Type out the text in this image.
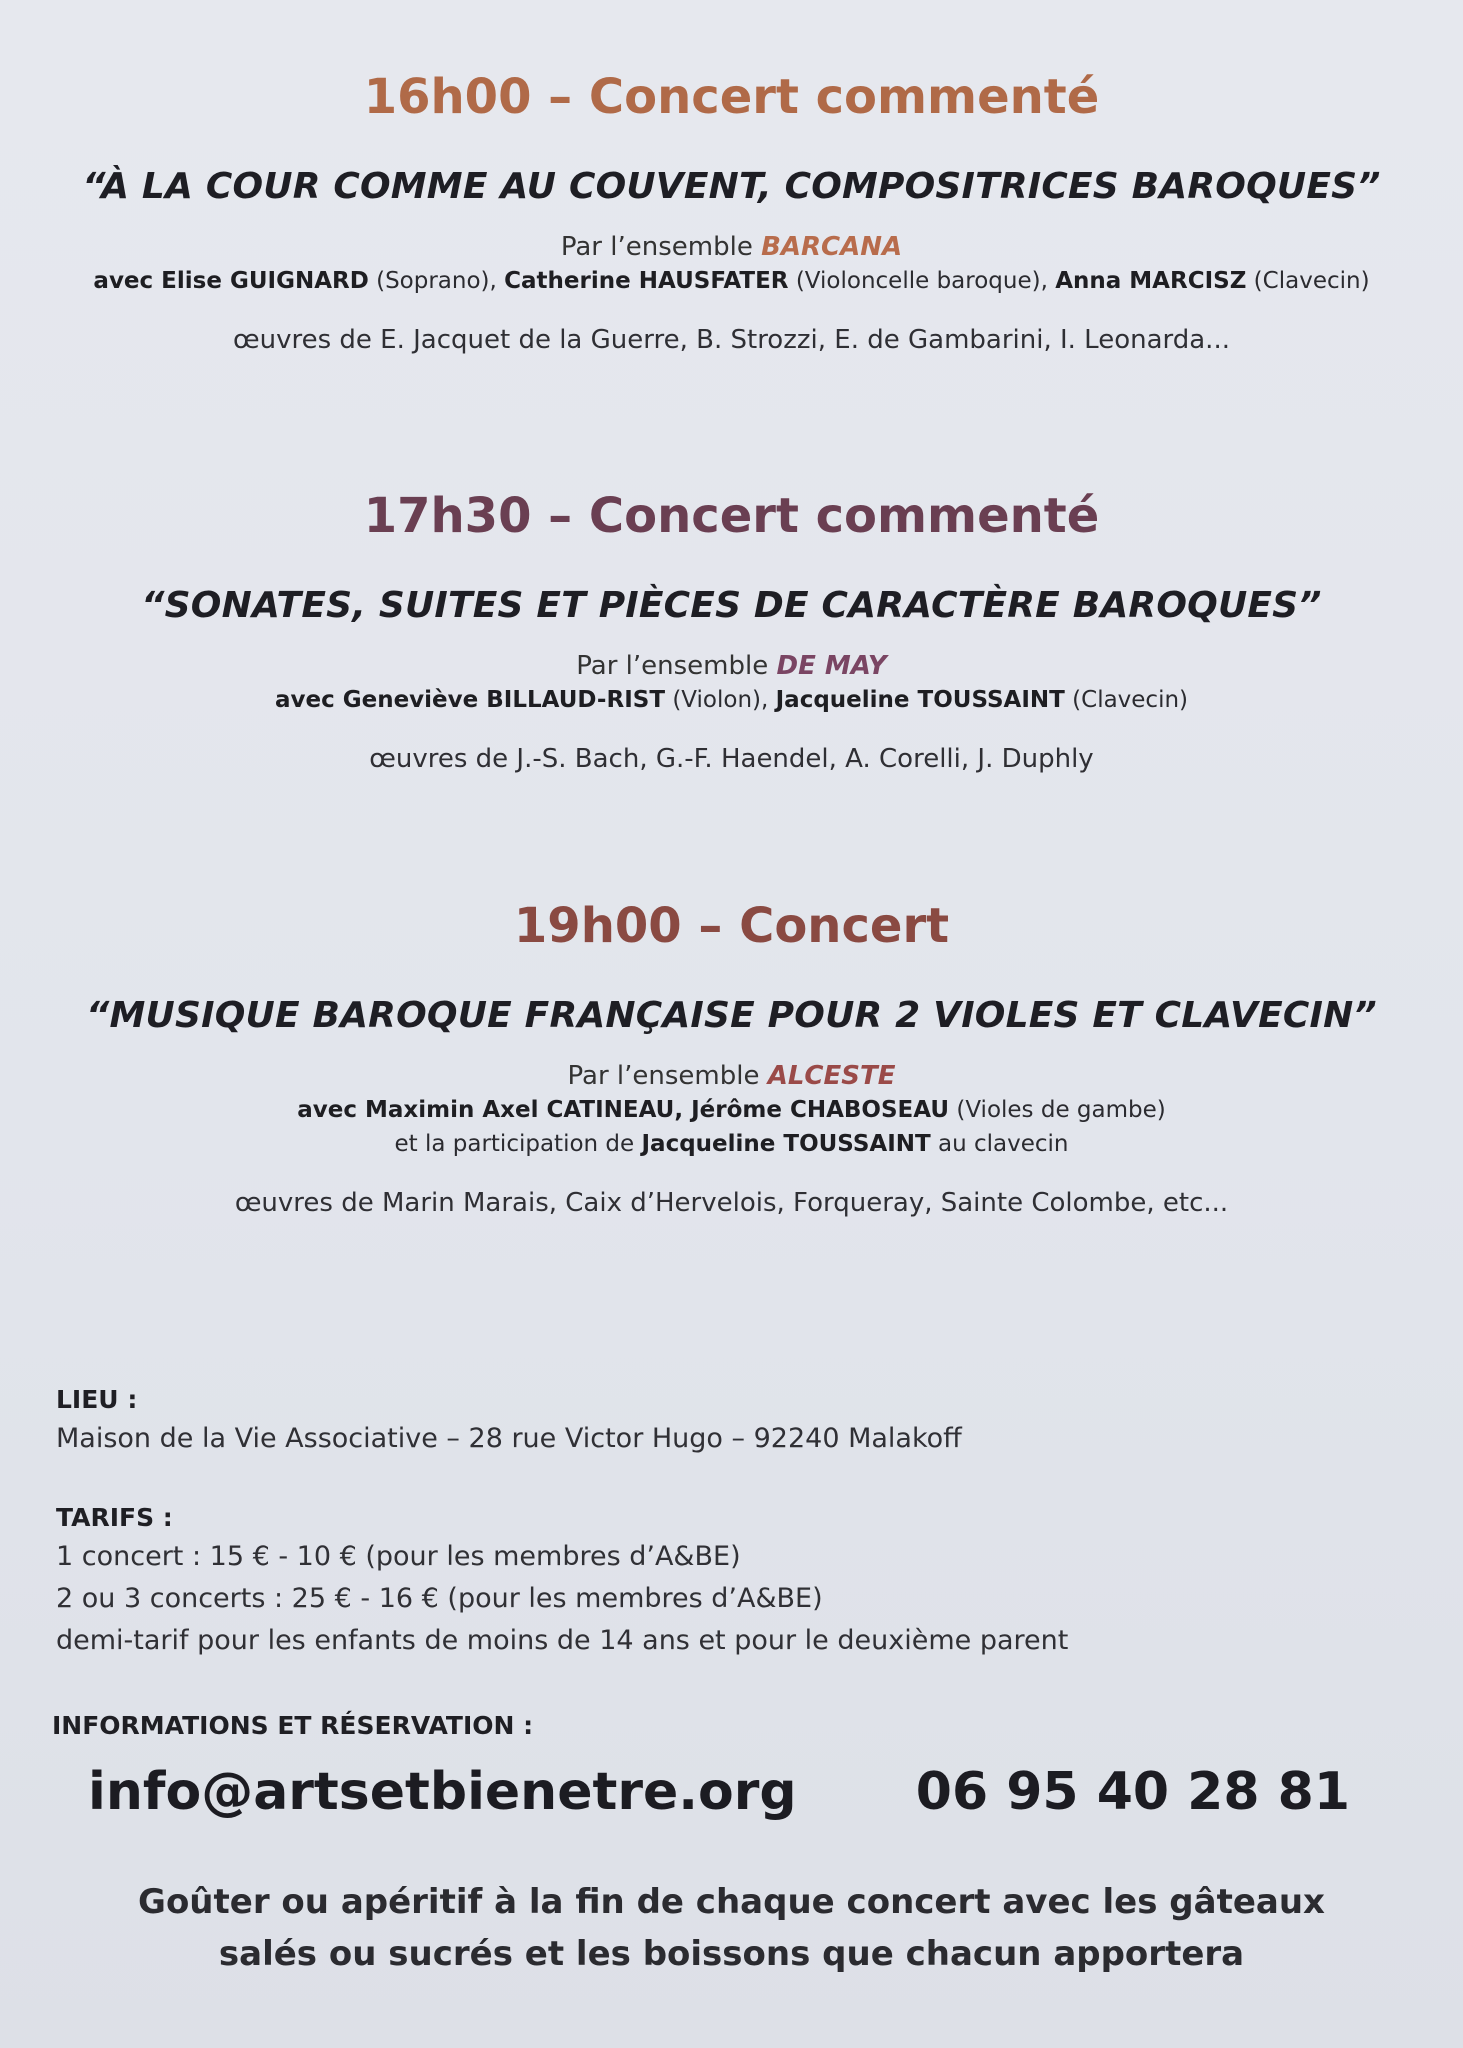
16h00 – Concert commenté
“À LA COUR COMME AU COUVENT, COMPOSITRICES BAROQUES”

Par l’ensemble BARCANA

avec Elise GUIGNARD (Soprano), Catherine HAUSFATER (Violoncelle baroque), Anna MARCISZ (Clavecin)

œuvres de E. Jacquet de la Guerre, B. Strozzi, E. de Gambarini, I. Leonarda...

17h30 – Concert commenté
“SONATES, SUITES ET PIÈCES DE CARACTÈRE BAROQUES”

Par l’ensemble DE MAY

avec Geneviève BILLAUD-RIST (Violon), Jacqueline TOUSSAINT (Clavecin)

œuvres de J.-S. Bach, G.-F. Haendel, A. Corelli, J. Duphly

19h00 – Concert
“MUSIQUE BAROQUE FRANÇAISE POUR 2 VIOLES ET CLAVECIN”

Par l’ensemble ALCESTE

avec Maximin Axel CATINEAU, Jérôme CHABOSEAU (Violes de gambe)

et la participation de Jacqueline TOUSSAINT au clavecin

œuvres de Marin Marais, Caix d’Hervelois, Forqueray, Sainte Colombe, etc...

LIEU :

Maison de la Vie Associative – 28 rue Victor Hugo – 92240 Malakoff

TARIFS :

1 concert : 15 € - 10 € (pour les membres d’A&BE)

2 ou 3 concerts : 25 € - 16 € (pour les membres d’A&BE)

demi-tarif pour les enfants de moins de 14 ans et pour le deuxième parent

INFORMATIONS ET RÉSERVATION :

info@artsetbienetre.org 06 95 40 28 81

Goûter ou apéritif à la fin de chaque concert avec les gâteaux

salés ou sucrés et les boissons que chacun apportera
